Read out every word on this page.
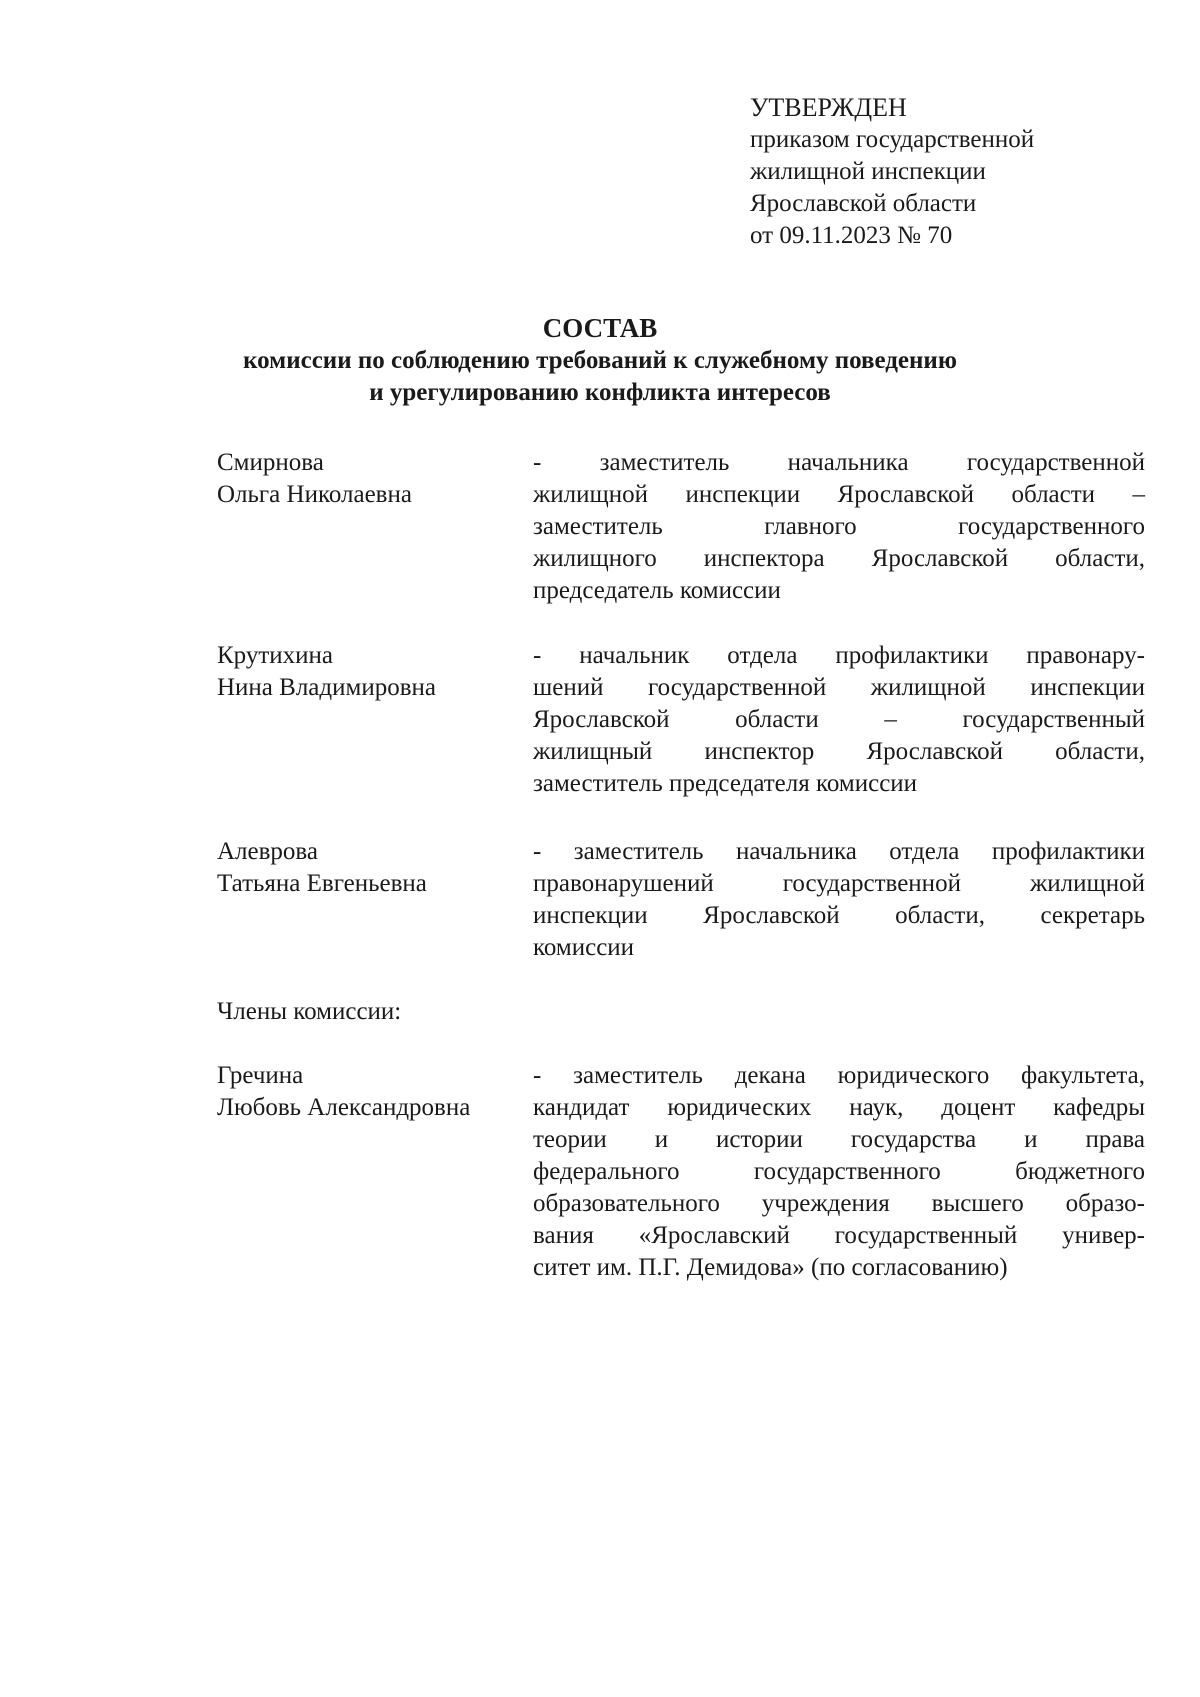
УТВЕРЖДЕН
приказом государственной
жилищной инспекции
Ярославской области
от 09.11.2023 № 70
СОСТАВ
комиссии по соблюдению требований к служебному поведению
и урегулированию конфликта интересов
Смирнова
Ольга Николаевна
- заместитель начальника государственной
жилищной инспекции Ярославской области –
заместитель главного государственного
жилищного инспектора Ярославской области,
председатель комиссии
Крутихина
Нина Владимировна
- начальник отдела профилактики правонару-
шений государственной жилищной инспекции
Ярославской области – государственный
жилищный инспектор Ярославской области,
заместитель председателя комиссии
Алеврова
Татьяна Евгеньевна
- заместитель начальника отдела профилактики
правонарушений государственной жилищной
инспекции Ярославской области, секретарь
комиссии
Члены комиссии:
Гречина
Любовь Александровна
- заместитель декана юридического факультета,
кандидат юридических наук, доцент кафедры
теории и истории государства и права
федерального государственного бюджетного
образовательного учреждения высшего образо-
вания «Ярославский государственный универ-
ситет им. П.Г. Демидова» (по согласованию)
